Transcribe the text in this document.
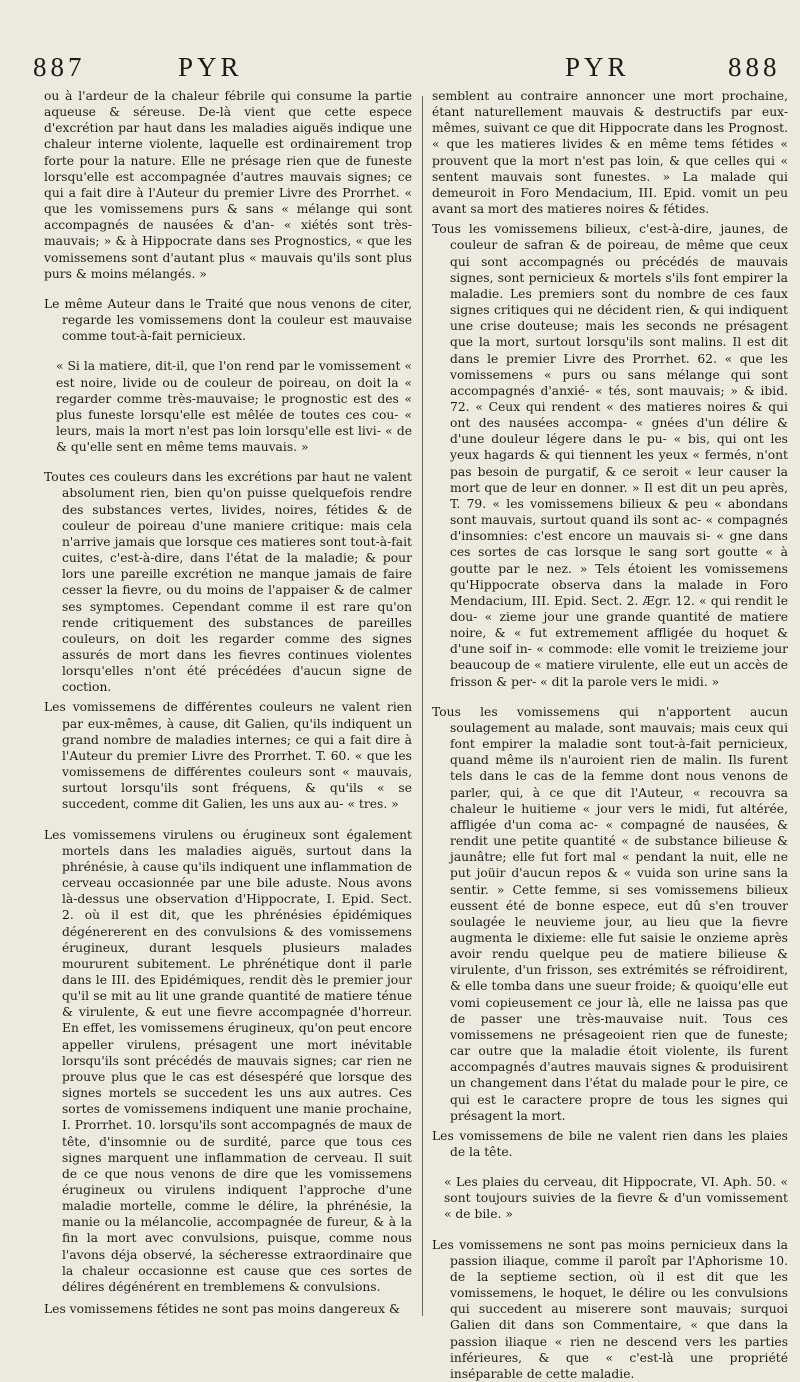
887	PYR	PYR	888

ou à l'ardeur de la chaleur fébrile qui consume la partie aqueuse & séreuse. De-là vient que cette espece d'excrétion par haut dans les maladies aiguës indique une chaleur interne violente, laquelle est ordinairement trop forte pour la nature. Elle ne présage rien que de funeste lorsqu'elle est accompagnée d'autres mauvais signes; ce qui a fait dire à l'Auteur du premier Livre des Prorrhet. « que les vomissemens purs & sans « mélange qui sont accompagnés de nausées & d'an- « xiétés sont très-mauvais; » & à Hippocrate dans ses Prognostics, « que les vomissemens sont d'autant plus « mauvais qu'ils sont plus purs & moins mélangés. »

Le même Auteur dans le Traité que nous venons de citer, regarde les vomissemens dont la couleur est mauvaise comme tout-à-fait pernicieux.

« Si la matiere, dit-il, que l'on rend par le vomissement « est noire, livide ou de couleur de poireau, on doit la « regarder comme très-mauvaise; le prognostic est des « plus funeste lorsqu'elle est mêlée de toutes ces cou- « leurs, mais la mort n'est pas loin lorsqu'elle est livi- « de & qu'elle sent en même tems mauvais. »

Toutes ces couleurs dans les excrétions par haut ne valent absolument rien, bien qu'on puisse quelquefois rendre des substances vertes, livides, noires, fétides & de couleur de poireau d'une maniere critique: mais cela n'arrive jamais que lorsque ces matieres sont tout-à-fait cuites, c'est-à-dire, dans l'état de la maladie; & pour lors une pareille excrétion ne manque jamais de faire cesser la fievre, ou du moins de l'appaiser & de calmer ses symptomes. Cependant comme il est rare qu'on rende critiquement des substances de pareilles couleurs, on doit les regarder comme des signes assurés de mort dans les fievres continues violentes lorsqu'elles n'ont été précédées d'aucun signe de coction.

Les vomissemens de différentes couleurs ne valent rien par eux-mêmes, à cause, dit Galien, qu'ils indiquent un grand nombre de maladies internes; ce qui a fait dire à l'Auteur du premier Livre des Prorrhet. T. 60. « que les vomissemens de différentes couleurs sont « mauvais, surtout lorsqu'ils sont fréquens, & qu'ils « se succedent, comme dit Galien, les uns aux au- « tres. »

Les vomissemens virulens ou érugineux sont également mortels dans les maladies aiguës, surtout dans la phrénésie, à cause qu'ils indiquent une inflammation de cerveau occasionnée par une bile aduste. Nous avons là-dessus une observation d'Hippocrate, I. Epid. Sect. 2. où il est dit, que les phrénésies épidémiques dégénererent en des convulsions & des vomissemens érugineux, durant lesquels plusieurs malades moururent subitement. Le phrénétique dont il parle dans le III. des Epidémiques, rendit dès le premier jour qu'il se mit au lit une grande quantité de matiere ténue & virulente, & eut une fievre accompagnée d'horreur. En effet, les vomissemens érugineux, qu'on peut encore appeller virulens, présagent une mort inévitable lorsqu'ils sont précédés de mauvais signes; car rien ne prouve plus que le cas est désespéré que lorsque des signes mortels se succedent les uns aux autres. Ces sortes de vomissemens indiquent une manie prochaine, I. Prorrhet. 10. lorsqu'ils sont accompagnés de maux de tête, d'insomnie ou de surdité, parce que tous ces signes marquent une inflammation de cerveau. Il suit de ce que nous venons de dire que les vomissemens érugineux ou virulens indiquent l'approche d'une maladie mortelle, comme le délire, la phrénésie, la manie ou la mélancolie, accompagnée de fureur, & à la fin la mort avec convulsions, puisque, comme nous l'avons déja observé, la sécheresse extraordinaire que la chaleur occasionne est cause que ces sortes de délires dégénérent en tremblemens & convulsions.

Les vomissemens fétides ne sont pas moins dangereux &

semblent au contraire annoncer une mort prochaine, étant naturellement mauvais & destructifs par eux-mêmes, suivant ce que dit Hippocrate dans les Prognost. « que les matieres livides & en même tems fétides « prouvent que la mort n'est pas loin, & que celles qui « sentent mauvais sont funestes. » La malade qui demeuroit in Foro Mendacium, III. Epid. vomit un peu avant sa mort des matieres noires & fétides.

Tous les vomissemens bilieux, c'est-à-dire, jaunes, de couleur de safran & de poireau, de même que ceux qui sont accompagnés ou précédés de mauvais signes, sont pernicieux & mortels s'ils font empirer la maladie. Les premiers sont du nombre de ces faux signes critiques qui ne décident rien, & qui indiquent une crise douteuse; mais les seconds ne présagent que la mort, surtout lorsqu'ils sont malins. Il est dit dans le premier Livre des Prorrhet. 62. « que les vomissemens « purs ou sans mélange qui sont accompagnés d'anxié- « tés, sont mauvais; » & ibid. 72. « Ceux qui rendent « des matieres noires & qui ont des nausées accompa- « gnées d'un délire & d'une douleur légere dans le pu- « bis, qui ont les yeux hagards & qui tiennent les yeux « fermés, n'ont pas besoin de purgatif, & ce seroit « leur causer la mort que de leur en donner. » Il est dit un peu après, T. 79. « les vomissemens bilieux & peu « abondans sont mauvais, surtout quand ils sont ac- « compagnés d'insomnies: c'est encore un mauvais si- « gne dans ces sortes de cas lorsque le sang sort goutte « à goutte par le nez. » Tels étoient les vomissemens qu'Hippocrate observa dans la malade in Foro Mendacium, III. Epid. Sect. 2. Ægr. 12. « qui rendit le dou- « zieme jour une grande quantité de matiere noire, & « fut extremement affligée du hoquet & d'une soif in- « commode: elle vomit le treizieme jour beaucoup de « matiere virulente, elle eut un accès de frisson & per- « dit la parole vers le midi. »

Tous les vomissemens qui n'apportent aucun soulagement au malade, sont mauvais; mais ceux qui font empirer la maladie sont tout-à-fait pernicieux, quand même ils n'auroient rien de malin. Ils furent tels dans le cas de la femme dont nous venons de parler, qui, à ce que dit l'Auteur, « recouvra sa chaleur le huitieme « jour vers le midi, fut altérée, affligée d'un coma ac- « compagné de nausées, & rendit une petite quantité « de substance bilieuse & jaunâtre; elle fut fort mal « pendant la nuit, elle ne put joüir d'aucun repos & « vuida son urine sans la sentir. » Cette femme, si ses vomissemens bilieux eussent été de bonne espece, eut dû s'en trouver soulagée le neuvieme jour, au lieu que la fievre augmenta le dixieme: elle fut saisie le onzieme après avoir rendu quelque peu de matiere bilieuse & virulente, d'un frisson, ses extrémités se réfroidirent, & elle tomba dans une sueur froide; & quoiqu'elle eut vomi copieusement ce jour là, elle ne laissa pas que de passer une très-mauvaise nuit. Tous ces vomissemens ne présageoient rien que de funeste; car outre que la maladie étoit violente, ils furent accompagnés d'autres mauvais signes & produisirent un changement dans l'état du malade pour le pire, ce qui est le caractere propre de tous les signes qui présagent la mort.

Les vomissemens de bile ne valent rien dans les plaies de la tête.

« Les plaies du cerveau, dit Hippocrate, VI. Aph. 50. « sont toujours suivies de la fievre & d'un vomissement « de bile. »

Les vomissemens ne sont pas moins pernicieux dans la passion iliaque, comme il paroît par l'Aphorisme 10. de la septieme section, où il est dit que les vomissemens, le hoquet, le délire ou les convulsions qui succedent au miserere sont mauvais; surquoi Galien dit dans son Commentaire, « que dans la passion iliaque « rien ne descend vers les parties inférieures, & que « c'est-là une propriété inséparable de cette maladie.
